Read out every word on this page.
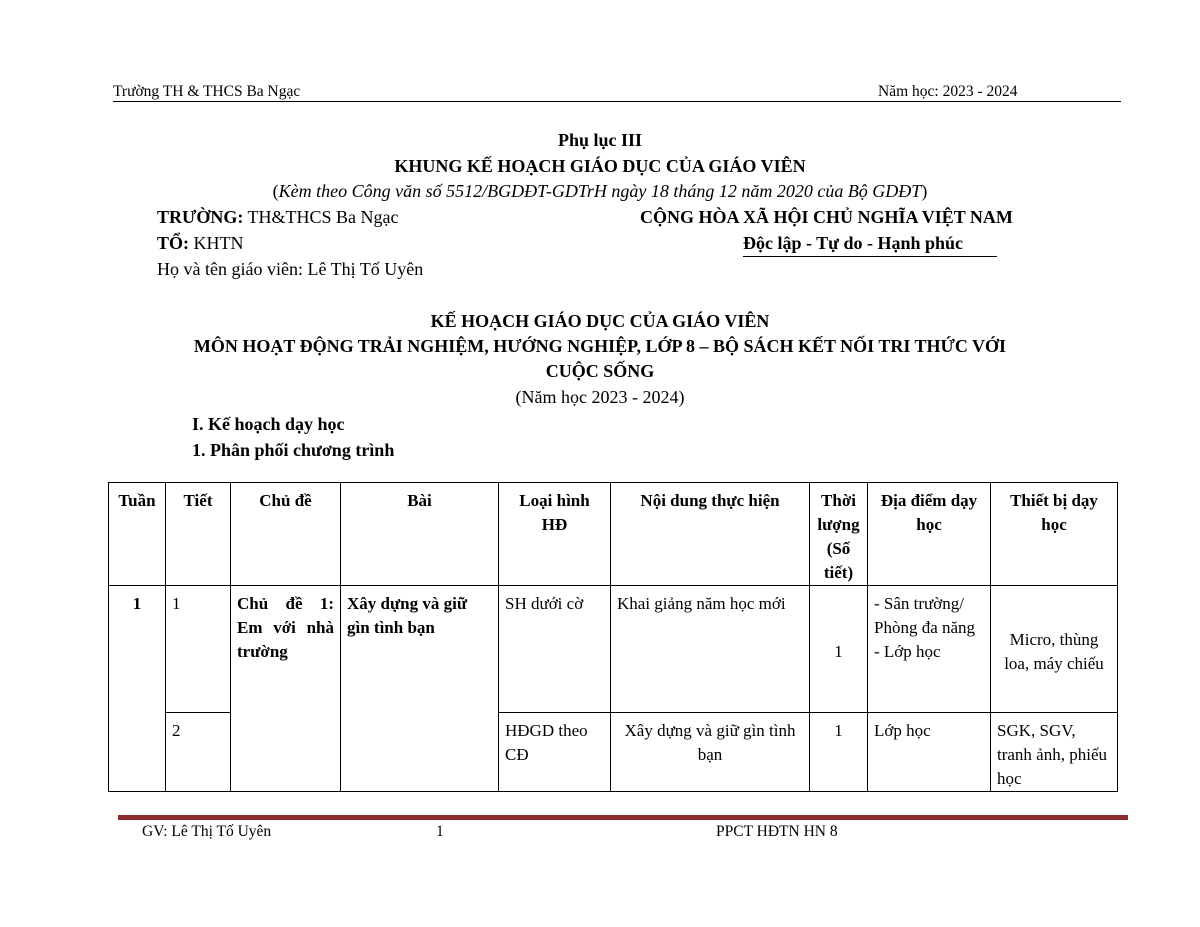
Trường TH & THCS Ba Ngạc	Năm học: 2023 - 2024
Phụ lục III
KHUNG KẾ HOẠCH GIÁO DỤC CỦA GIÁO VIÊN
(Kèm theo Công văn số 5512/BGDĐT-GDTrH ngày 18 tháng 12 năm 2020 của Bộ GDĐT)
TRƯỜNG: TH&THCS Ba Ngạc
TỔ: KHTN
Họ và tên giáo viên: Lê Thị Tố Uyên
CỘNG HÒA XÃ HỘI CHỦ NGHĨA VIỆT NAM
Độc lập - Tự do - Hạnh phúc
KẾ HOẠCH GIÁO DỤC CỦA GIÁO VIÊN
MÔN HOẠT ĐỘNG TRẢI NGHIỆM, HƯỚNG NGHIỆP, LỚP 8 – BỘ SÁCH KẾT NỐI TRI THỨC VỚI
CUỘC SỐNG
(Năm học 2023 - 2024)
I. Kế hoạch dạy học
1. Phân phối chương trình
Tuần	Tiết	Chủ đề	Bài	Loại hình HĐ	Nội dung thực hiện	Thời lượng (Số tiết)	Địa điểm dạy học	Thiết bị dạy học
1	1	Chủ đề 1: Em với nhà trường	Xây dựng và giữ gìn tình bạn	SH dưới cờ	Khai giảng năm học mới	1	- Sân trường/ Phòng đa năng - Lớp học	Micro, thùng loa, máy chiếu
	2			HĐGD theo CĐ	Xây dựng và giữ gìn tình bạn	1	Lớp học	SGK, SGV, tranh ảnh, phiếu học
GV: Lê Thị Tố Uyên	1	PPCT HĐTN HN 8
